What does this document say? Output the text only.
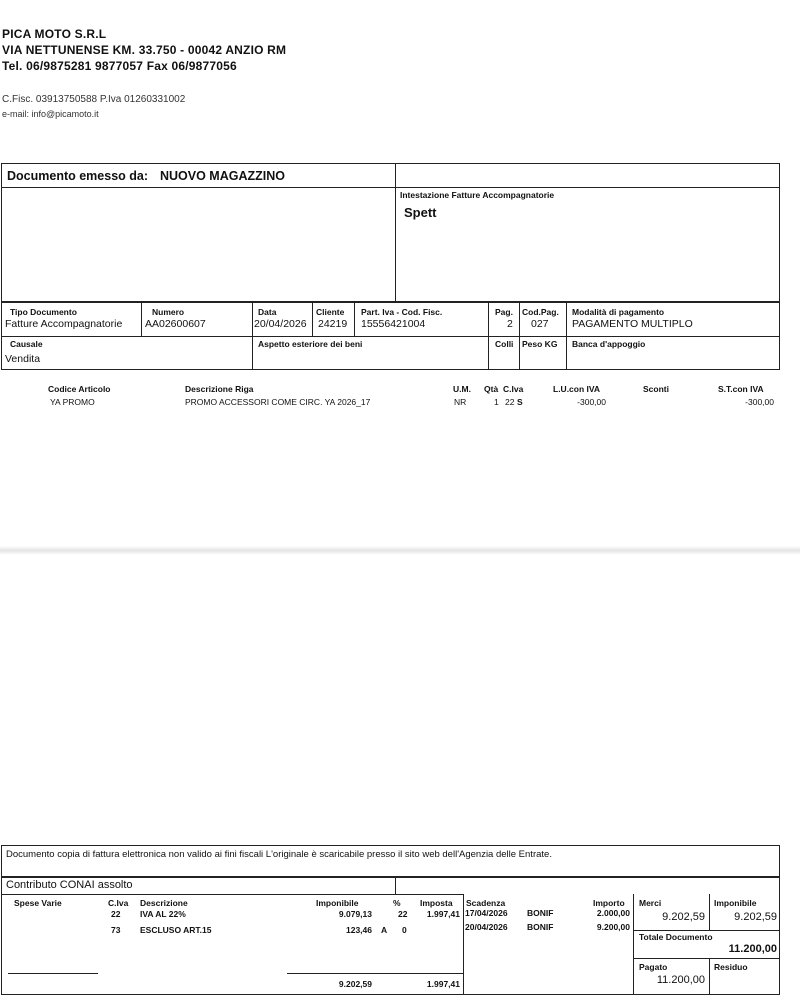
PICA MOTO S.R.L
VIA NETTUNENSE KM. 33.750 - 00042 ANZIO RM
Tel. 06/9875281 9877057 Fax 06/9877056
C.Fisc. 03913750588 P.Iva 01260331002
e-mail: info@picamoto.it
Documento emesso da: NUOVO MAGAZZINO
Intestazione Fatture Accompagnatorie
Spett
Tipo Documento
Fatture Accompagnatorie
Numero
AA02600607
Data
20/04/2026
Cliente
24219
Part. Iva - Cod. Fisc.
15556421004
Pag.
2
Cod.Pag.
027
Modalità di pagamento
PAGAMENTO MULTIPLO
Causale
Vendita
Aspetto esteriore dei beni	Colli Peso KG Banca d'appoggio
Codice Articolo	Descrizione Riga	U.M. Qtà C.Iva	L.U.con IVA	Sconti	S.T.con IVA
YA PROMO	PROMO ACCESSORI COME CIRC. YA 2026_17	NR	1 22 S	-300,00	-300,00
Documento copia di fattura elettronica non valido ai fini fiscali L'originale è scaricabile presso il sito web dell'Agenzia delle Entrate.
Contributo CONAI assolto
Spese Varie	C.Iva Descrizione	Imponibile	% Imposta
22 IVA AL 22%	9.079,13	22	1.997,41
73 ESCLUSO ART.15	123,46 A 0
9.202,59	1.997,41
Scadenza	Importo
17/04/2026 BONIF	2.000,00
20/04/2026 BONIF	9.200,00
Merci
9.202,59
Imponibile
9.202,59
Totale Documento
11.200,00
Pagato
11.200,00
Residuo
